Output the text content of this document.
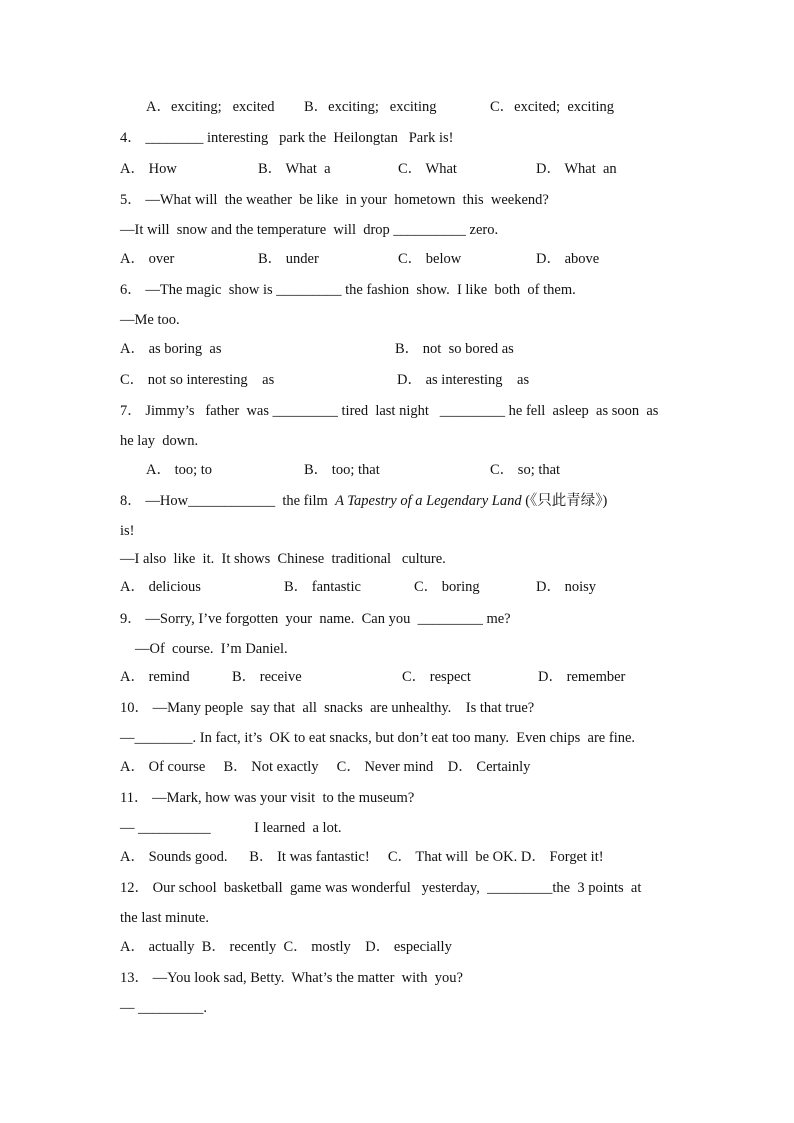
A．exciting;   excited B．exciting;   exciting	C．excited;  exciting
4． ________ interesting   park the  Heilongtan   Park is!
A． How	B． What  a	C． What	D． What  an
5． —What will  the weather  be like  in your  hometown  this  weekend?
—It will  snow and the temperature  will  drop __________ zero.
A． over	B． under	C． below	D． above
6． —The magic  show is _________ the fashion  show.  I like  both  of them.
—Me too.
A． as boring  as	B． not  so bored as
C． not so interesting    as	D． as interesting    as
7． Jimmy’s   father  was _________ tired  last night   _________ he fell  asleep  as soon  as
he lay  down.
A． too; to	B． too; that	C． so; that
8． —How____________  the film  A Tapestry of a Legendary Land (《只此青绿》)
is!
—I also  like  it.  It shows  Chinese  traditional   culture.
A． delicious	B． fantastic	C． boring	D． noisy
9． —Sorry, I’ve forgotten  your  name.  Can you  _________ me?
—Of  course.  I’m Daniel.
A． remind	B． receive	C． respect	D． remember
10． —Many people  say that  all  snacks  are unhealthy.    Is that true?
—________. In fact, it’s  OK to eat snacks, but don’t eat too many.  Even chips  are fine.
A． Of course     B． Not exactly     C． Never mind    D． Certainly
11． —Mark, how was your visit  to the museum?
— __________            I learned  a lot.
A． Sounds good.      B． It was fantastic!     C． That will  be OK. D． Forget it!
12． Our school  basketball  game was wonderful   yesterday,  _________the  3 points  at
the last minute.
A． actually  B． recently  C． mostly    D． especially
13． —You look sad, Betty.  What’s the matter  with  you?
— _________.
